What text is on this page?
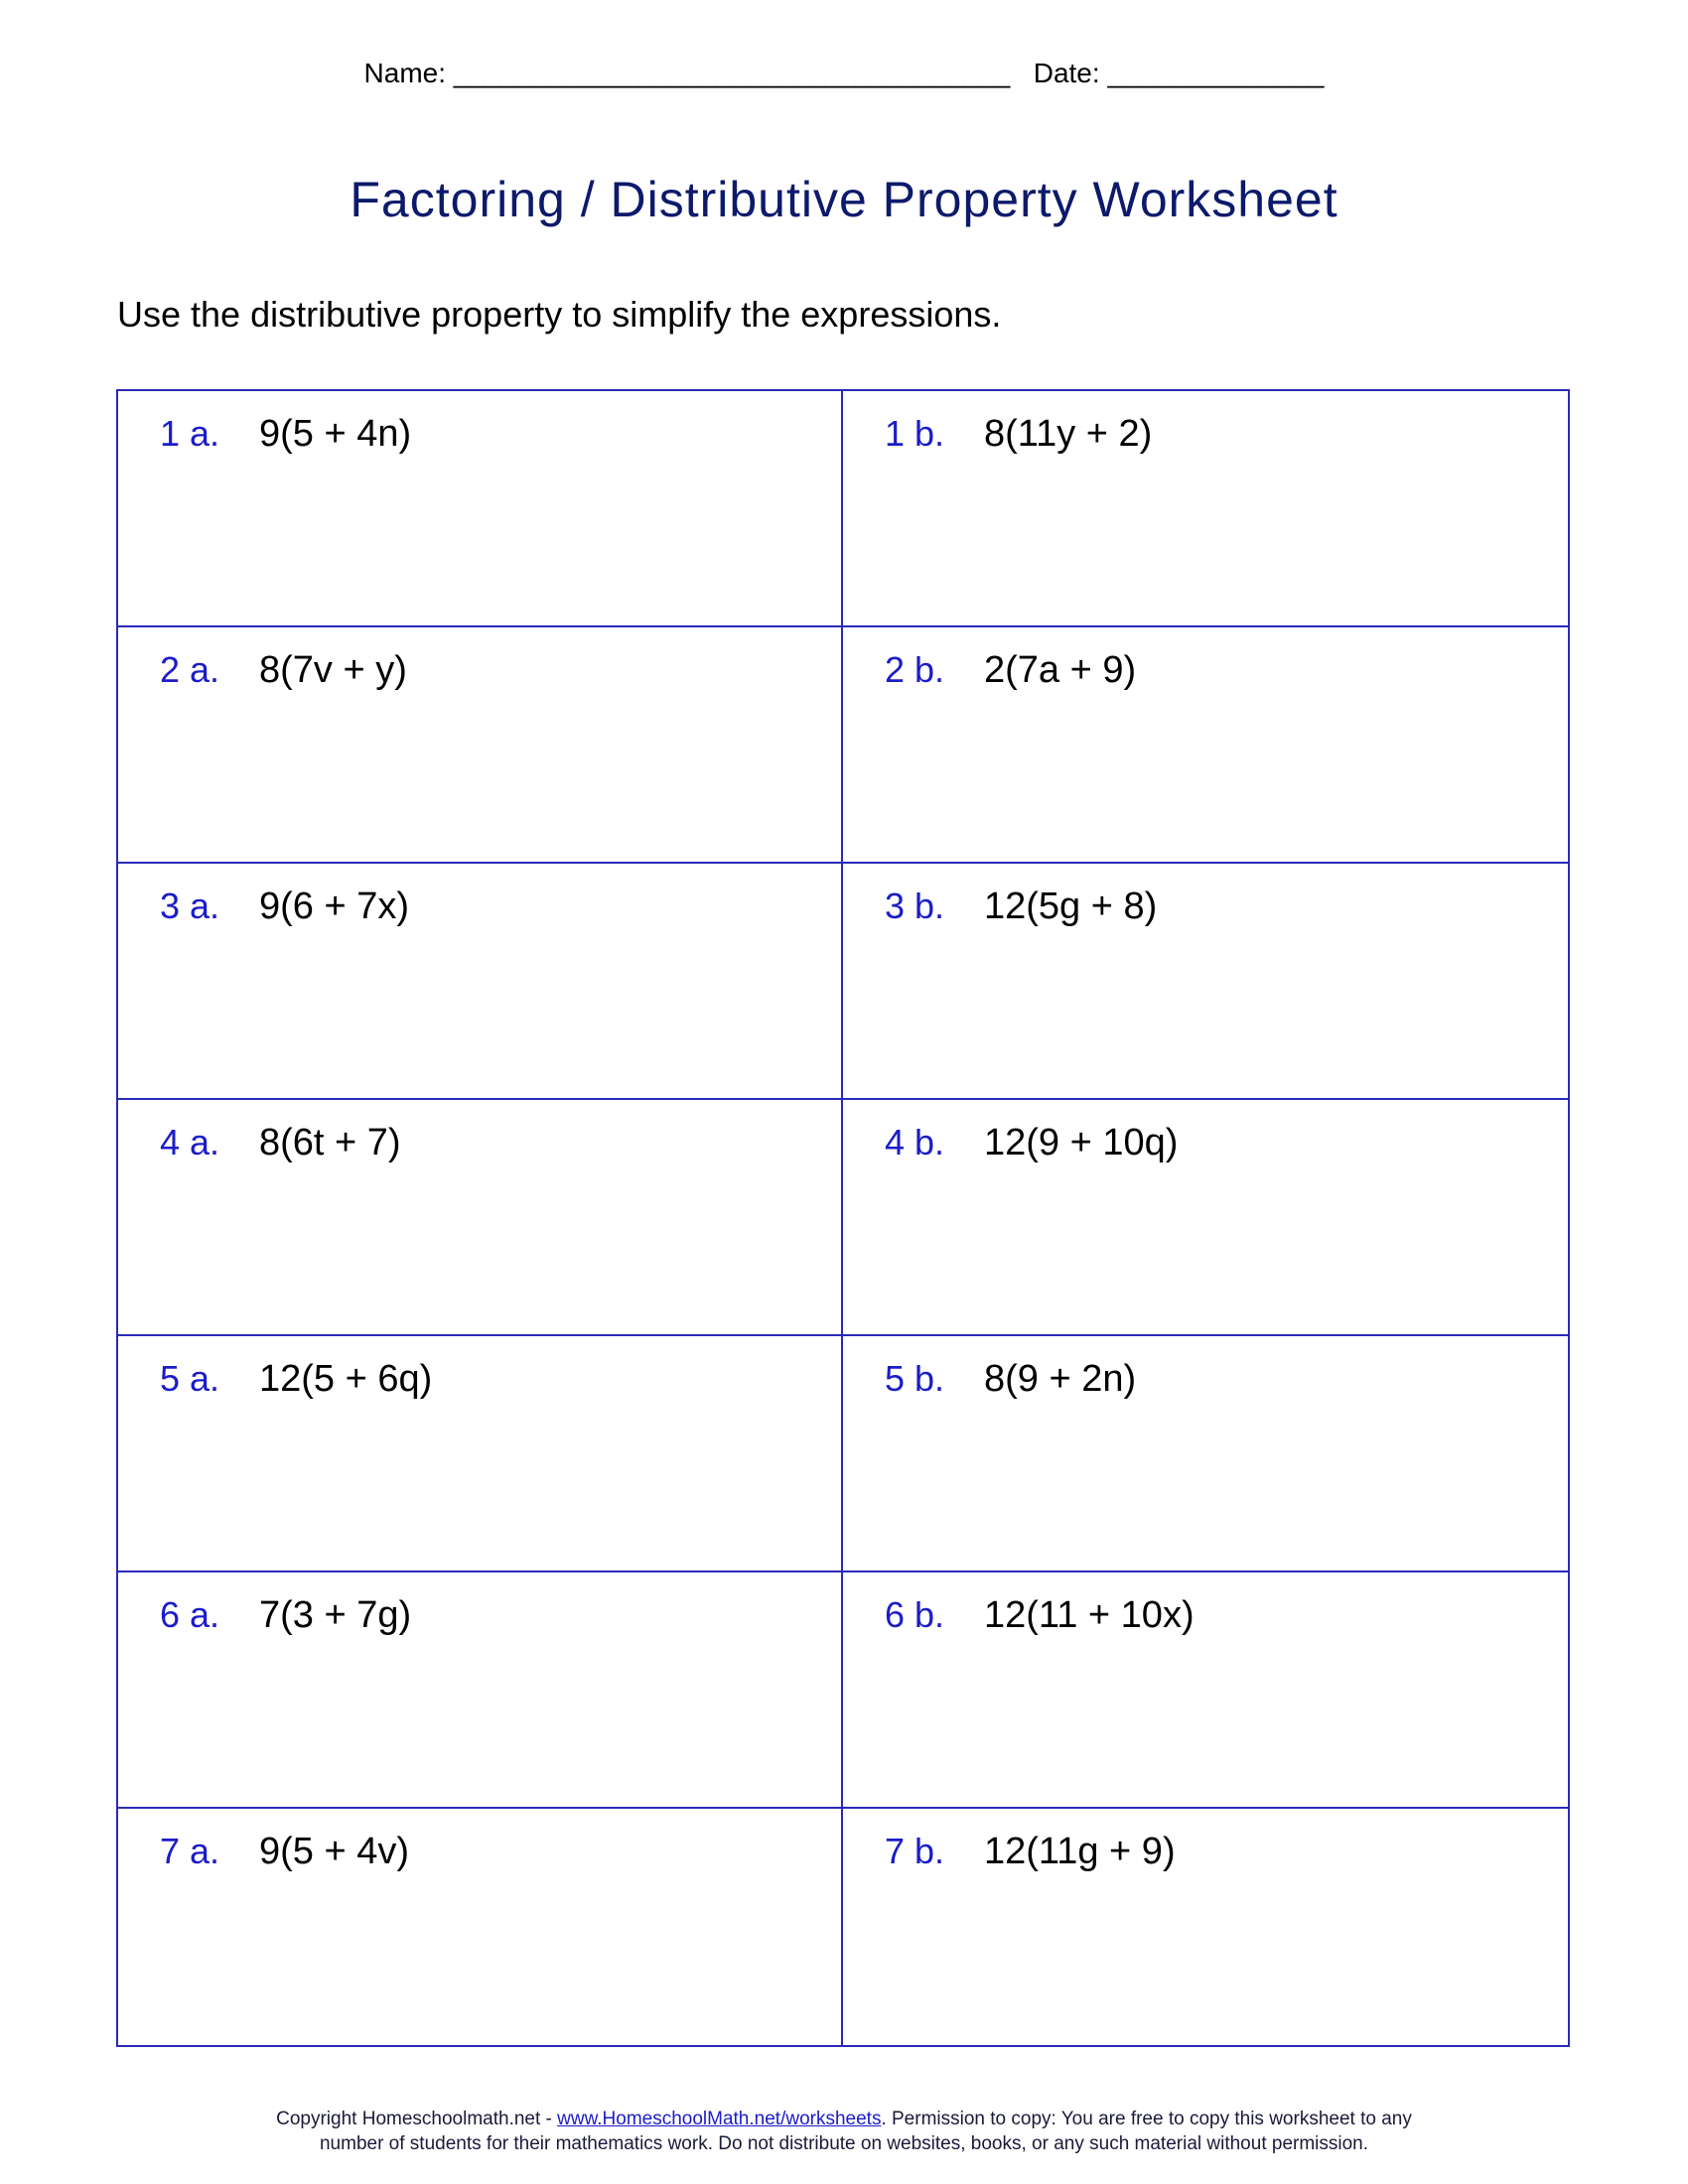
Name: ____________________________________ Date: ______________
Factoring / Distributive Property Worksheet
Use the distributive property to simplify the expressions.
1 a. 9(5 + 4n)	1 b. 8(11y + 2)
2 a. 8(7v + y)	2 b. 2(7a + 9)
3 a. 9(6 + 7x)	3 b. 12(5g + 8)
4 a. 8(6t + 7)	4 b. 12(9 + 10q)
5 a. 12(5 + 6q)	5 b. 8(9 + 2n)
6 a. 7(3 + 7g)	6 b. 12(11 + 10x)
7 a. 9(5 + 4v)	7 b. 12(11g + 9)
Copyright Homeschoolmath.net - www.HomeschoolMath.net/worksheets. Permission to copy: You are free to copy this worksheet to any
number of students for their mathematics work. Do not distribute on websites, books, or any such material without permission.
